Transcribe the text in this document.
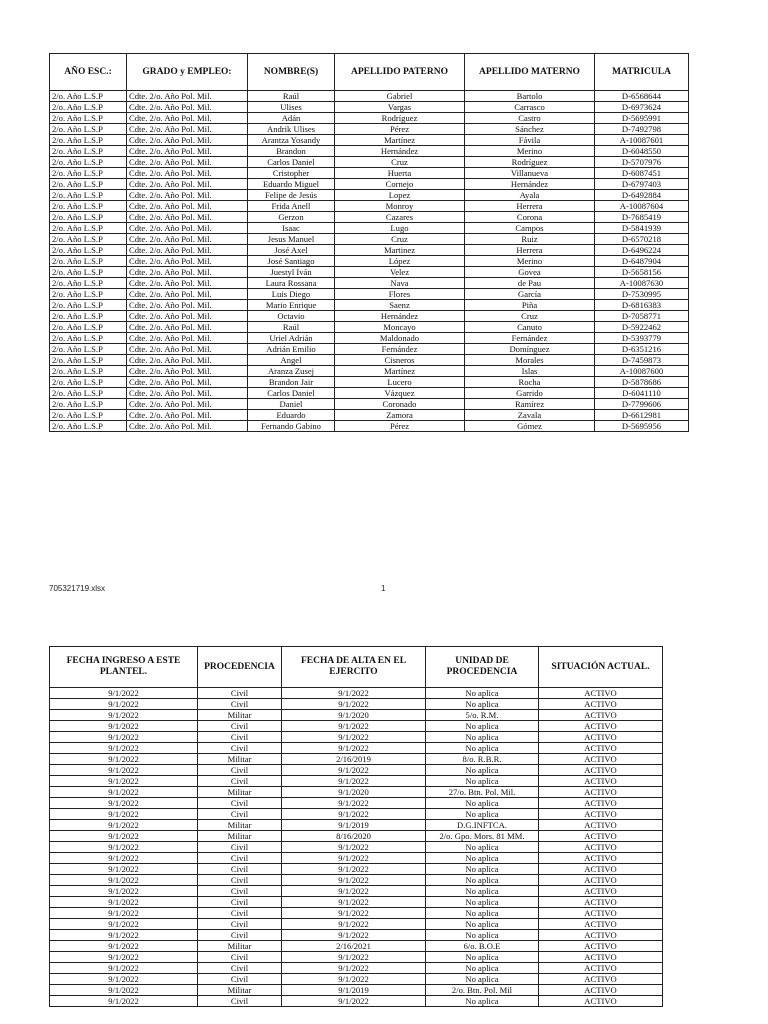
AÑO ESC.:	GRADO y EMPLEO:	NOMBRE(S)	APELLIDO PATERNO	APELLIDO MATERNO	MATRICULA
2/o. Año L.S.P	Cdte. 2/o. Año Pol. Mil.	Raúl	Gabriel	Bartolo	D-6568644
2/o. Año L.S.P	Cdte. 2/o. Año Pol. Mil.	Ulises	Vargas	Carrasco	D-6973624
2/o. Año L.S.P	Cdte. 2/o. Año Pol. Mil.	Adán	Rodríguez	Castro	D-5695991
2/o. Año L.S.P	Cdte. 2/o. Año Pol. Mil.	Andrik Ulises	Pérez	Sánchez	D-7492798
2/o. Año L.S.P	Cdte. 2/o. Año Pol. Mil.	Arantza Yosandy	Martínez	Fávila	A-10087601
2/o. Año L.S.P	Cdte. 2/o. Año Pol. Mil.	Brandon	Hernández	Merino	D-6048550
2/o. Año L.S.P	Cdte. 2/o. Año Pol. Mil.	Carlos Daniel	Cruz	Rodríguez	D-5707976
2/o. Año L.S.P	Cdte. 2/o. Año Pol. Mil.	Cristopher	Huerta	Villanueva	D-6087451
2/o. Año L.S.P	Cdte. 2/o. Año Pol. Mil.	Eduardo Miguel	Cornejo	Hernández	D-6797403
2/o. Año L.S.P	Cdte. 2/o. Año Pol. Mil.	Felipe de Jesús	Lopez	Ayala	D-6492884
2/o. Año L.S.P	Cdte. 2/o. Año Pol. Mil.	Frida Anell	Monroy	Herrera	A-10087604
2/o. Año L.S.P	Cdte. 2/o. Año Pol. Mil.	Gerzon	Cazares	Corona	D-7685419
2/o. Año L.S.P	Cdte. 2/o. Año Pol. Mil.	Isaac	Lugo	Campos	D-5841939
2/o. Año L.S.P	Cdte. 2/o. Año Pol. Mil.	Jesus Manuel	Cruz	Ruiz	D-6570218
2/o. Año L.S.P	Cdte. 2/o. Año Pol. Mil.	José Axel	Martinez	Herrera	D-6496224
2/o. Año L.S.P	Cdte. 2/o. Año Pol. Mil.	José Santiago	López	Merino	D-6487904
2/o. Año L.S.P	Cdte. 2/o. Año Pol. Mil.	Juestyl Iván	Velez	Govea	D-5658156
2/o. Año L.S.P	Cdte. 2/o. Año Pol. Mil.	Laura Rossana	Nava	de Pau	A-10087630
2/o. Año L.S.P	Cdte. 2/o. Año Pol. Mil.	Luis Diego	Flores	García	D-7530995
2/o. Año L.S.P	Cdte. 2/o. Año Pol. Mil.	Mario Enrique	Saenz	Piña	D-6816383
2/o. Año L.S.P	Cdte. 2/o. Año Pol. Mil.	Octavio	Hernández	Cruz	D-7058771
2/o. Año L.S.P	Cdte. 2/o. Año Pol. Mil.	Raúl	Moncayo	Canuto	D-5922462
2/o. Año L.S.P	Cdte. 2/o. Año Pol. Mil.	Uriel Adrián	Maldonado	Fernández	D-5393779
2/o. Año L.S.P	Cdte. 2/o. Año Pol. Mil.	Adrián Emilio	Fernández	Domínguez	D-6351216
2/o. Año L.S.P	Cdte. 2/o. Año Pol. Mil.	Angel	Cisneros	Morales	D-7459873
2/o. Año L.S.P	Cdte. 2/o. Año Pol. Mil.	Aranza Zusej	Martínez	Islas	A-10087600
2/o. Año L.S.P	Cdte. 2/o. Año Pol. Mil.	Brandon Jair	Lucero	Rocha	D-5878686
2/o. Año L.S.P	Cdte. 2/o. Año Pol. Mil.	Carlos Daniel	Vázquez	Garrido	D-6041110
2/o. Año L.S.P	Cdte. 2/o. Año Pol. Mil.	Daniel	Coronado	Ramírez	D-7799606
2/o. Año L.S.P	Cdte. 2/o. Año Pol. Mil.	Eduardo	Zamora	Zavala	D-6612981
2/o. Año L.S.P	Cdte. 2/o. Año Pol. Mil.	Fernando Gabino	Pérez	Gómez	D-5695956
705321719.xlsx	1
FECHA INGRESO A ESTE PLANTEL.	PROCEDENCIA	FECHA DE ALTA EN EL EJERCITO	UNIDAD DE PROCEDENCIA	SITUACIÓN ACTUAL.
9/1/2022	Civil	9/1/2022	No aplica	ACTIVO
9/1/2022	Civil	9/1/2022	No aplica	ACTIVO
9/1/2022	Militar	9/1/2020	5/o. R.M.	ACTIVO
9/1/2022	Civil	9/1/2022	No aplica	ACTIVO
9/1/2022	Civil	9/1/2022	No aplica	ACTIVO
9/1/2022	Civil	9/1/2022	No aplica	ACTIVO
9/1/2022	Militar	2/16/2019	8/o. R.B.R.	ACTIVO
9/1/2022	Civil	9/1/2022	No aplica	ACTIVO
9/1/2022	Civil	9/1/2022	No aplica	ACTIVO
9/1/2022	Militar	9/1/2020	27/o. Btn. Pol. Mil.	ACTIVO
9/1/2022	Civil	9/1/2022	No aplica	ACTIVO
9/1/2022	Civil	9/1/2022	No aplica	ACTIVO
9/1/2022	Militar	9/1/2019	D.G.INFTCA.	ACTIVO
9/1/2022	Militar	8/16/2020	2/o. Gpo. Mors. 81 MM.	ACTIVO
9/1/2022	Civil	9/1/2022	No aplica	ACTIVO
9/1/2022	Civil	9/1/2022	No aplica	ACTIVO
9/1/2022	Civil	9/1/2022	No aplica	ACTIVO
9/1/2022	Civil	9/1/2022	No aplica	ACTIVO
9/1/2022	Civil	9/1/2022	No aplica	ACTIVO
9/1/2022	Civil	9/1/2022	No aplica	ACTIVO
9/1/2022	Civil	9/1/2022	No aplica	ACTIVO
9/1/2022	Civil	9/1/2022	No aplica	ACTIVO
9/1/2022	Civil	9/1/2022	No aplica	ACTIVO
9/1/2022	Militar	2/16/2021	6/o. B.O.E	ACTIVO
9/1/2022	Civil	9/1/2022	No aplica	ACTIVO
9/1/2022	Civil	9/1/2022	No aplica	ACTIVO
9/1/2022	Civil	9/1/2022	No aplica	ACTIVO
9/1/2022	Militar	9/1/2019	2/o. Btn. Pol. Mil	ACTIVO
9/1/2022	Civil	9/1/2022	No aplica	ACTIVO
